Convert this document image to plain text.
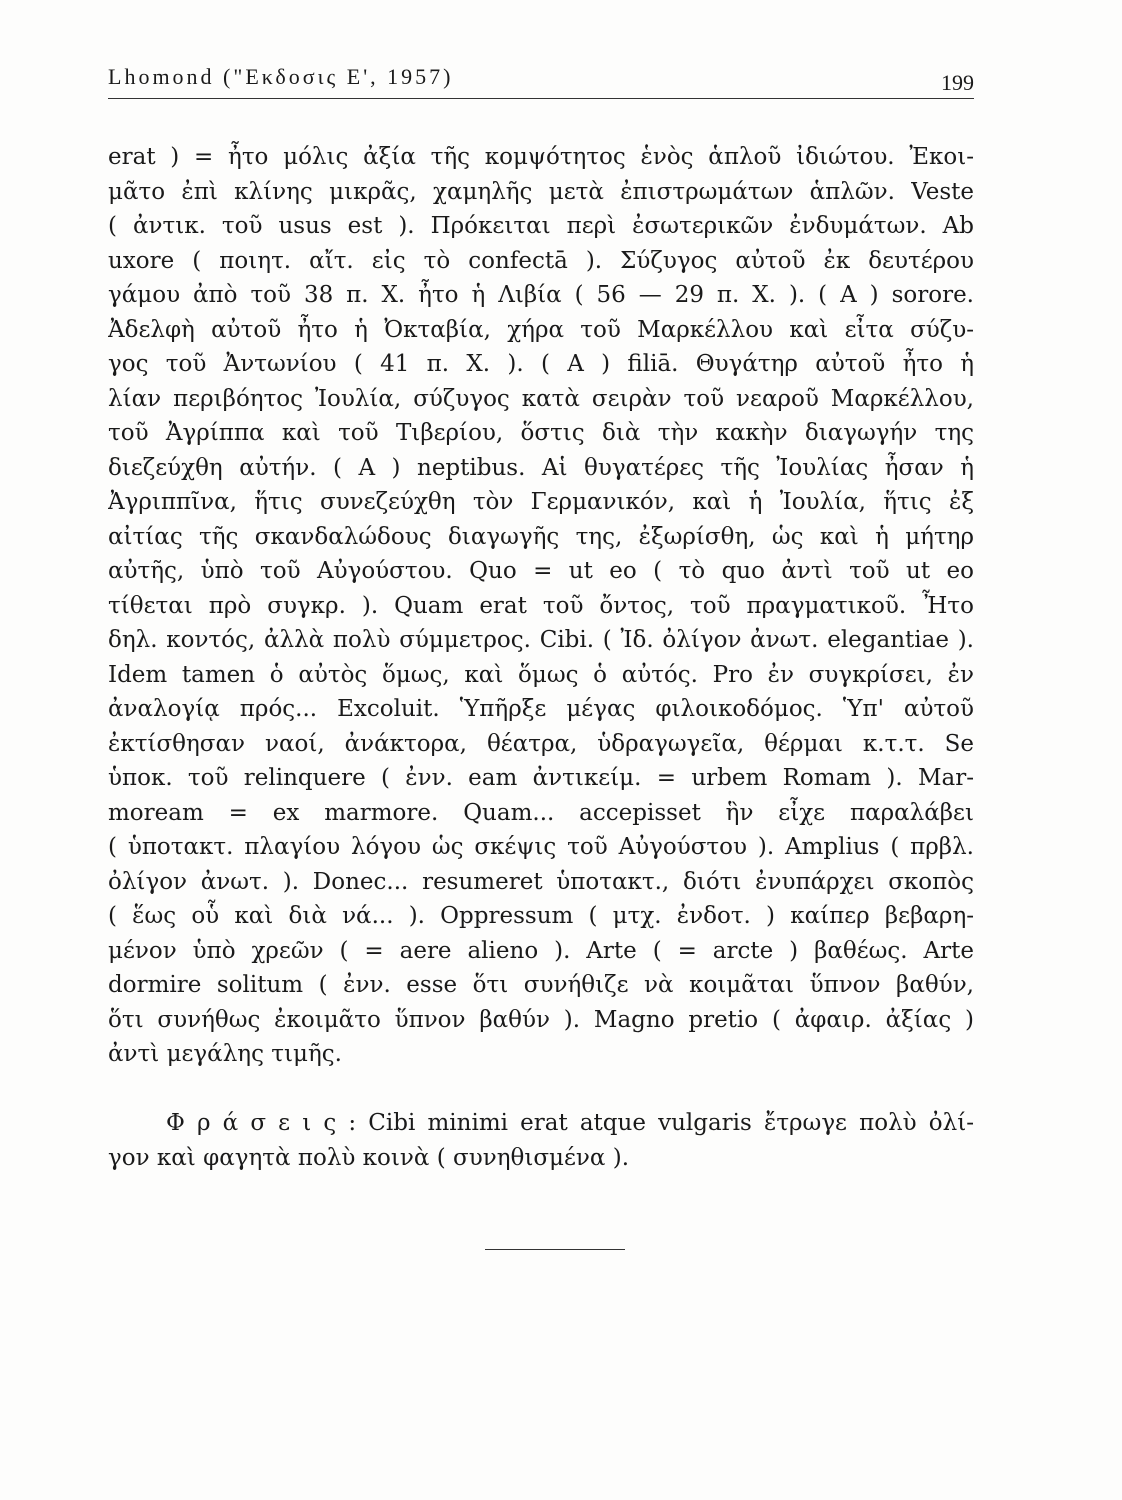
Lhomond ("Εκδοσις Ε', 1957)	199
erat ) = ἦτο μόλις ἀξία τῆς κομψότητος ἑνὸς ἁπλοῦ ἰδιώτου. Ἐκοι-
μᾶτο ἐπὶ κλίνης μικρᾶς, χαμηλῆς μετὰ ἐπιστρωμάτων ἁπλῶν. Veste
( ἀντικ. τοῦ usus est ). Πρόκειται περὶ ἐσωτερικῶν ἐνδυμάτων. Ab
uxore ( ποιητ. αἴτ. εἰς τὸ confectā ). Σύζυγος αὐτοῦ ἐκ δευτέρου
γάμου ἀπὸ τοῦ 38 π. Χ. ἦτο ἡ Λιβία ( 56 — 29 π. Χ. ). ( Α ) sorore.
Ἀδελφὴ αὐτοῦ ἦτο ἡ Ὀκταβία, χήρα τοῦ Μαρκέλλου καὶ εἶτα σύζυ-
γος τοῦ Ἀντωνίου ( 41 π. Χ. ). ( Α ) filiā. Θυγάτηρ αὐτοῦ ἦτο ἡ
λίαν περιβόητος Ἰουλία, σύζυγος κατὰ σειρὰν τοῦ νεαροῦ Μαρκέλλου,
τοῦ Ἀγρίππα καὶ τοῦ Τιβερίου, ὅστις διὰ τὴν κακὴν διαγωγήν της
διεζεύχθη αὐτήν. ( Α ) neptibus. Αἱ θυγατέρες τῆς Ἰουλίας ἦσαν ἡ
Ἀγριππῖνα, ἥτις συνεζεύχθη τὸν Γερμανικόν, καὶ ἡ Ἰουλία, ἥτις ἐξ
αἰτίας τῆς σκανδαλώδους διαγωγῆς της, ἐξωρίσθη, ὡς καὶ ἡ μήτηρ
αὐτῆς, ὑπὸ τοῦ Αὐγούστου. Quo = ut eo ( τὸ quo ἀντὶ τοῦ ut eo
τίθεται πρὸ συγκρ. ). Quam erat τοῦ ὄντος, τοῦ πραγματικοῦ. Ἦτο
δηλ. κοντός, ἀλλὰ πολὺ σύμμετρος. Cibi. ( Ἰδ. ὀλίγον ἀνωτ. elegantiae ).
Idem tamen ὁ αὐτὸς ὅμως, καὶ ὅμως ὁ αὐτός. Pro ἐν συγκρίσει, ἐν
ἀναλογίᾳ πρός... Excoluit. Ὑπῆρξε μέγας φιλοικοδόμος. Ὑπ' αὐτοῦ
ἐκτίσθησαν ναοί, ἀνάκτορα, θέατρα, ὑδραγωγεῖα, θέρμαι κ.τ.τ. Se
ὑποκ. τοῦ relinquere ( ἐνν. eam ἀντικείμ. = urbem Romam ). Mar-
moream = ex marmore. Quam... accepisset ἣν εἶχε παραλάβει
( ὑποτακτ. πλαγίου λόγου ὡς σκέψις τοῦ Αὐγούστου ). Amplius ( πρβλ.
ὀλίγον ἀνωτ. ). Donec... resumeret ὑποτακτ., διότι ἐνυπάρχει σκοπὸς
( ἕως οὗ καὶ διὰ νά... ). Oppressum ( μτχ. ἐνδοτ. ) καίπερ βεβαρη-
μένον ὑπὸ χρεῶν ( = aere alieno ). Arte ( = arcte ) βαθέως. Arte
dormire solitum ( ἐνν. esse ὅτι συνήθιζε νὰ κοιμᾶται ὕπνον βαθύν,
ὅτι συνήθως ἐκοιμᾶτο ὕπνον βαθύν ). Magno pretio ( ἀφαιρ. ἀξίας )
ἀντὶ μεγάλης τιμῆς.
Φ ρ ά σ ε ι ς : Cibi minimi erat atque vulgaris ἔτρωγε πολὺ ὀλί-
γον καὶ φαγητὰ πολὺ κοινὰ ( συνηθισμένα ).
